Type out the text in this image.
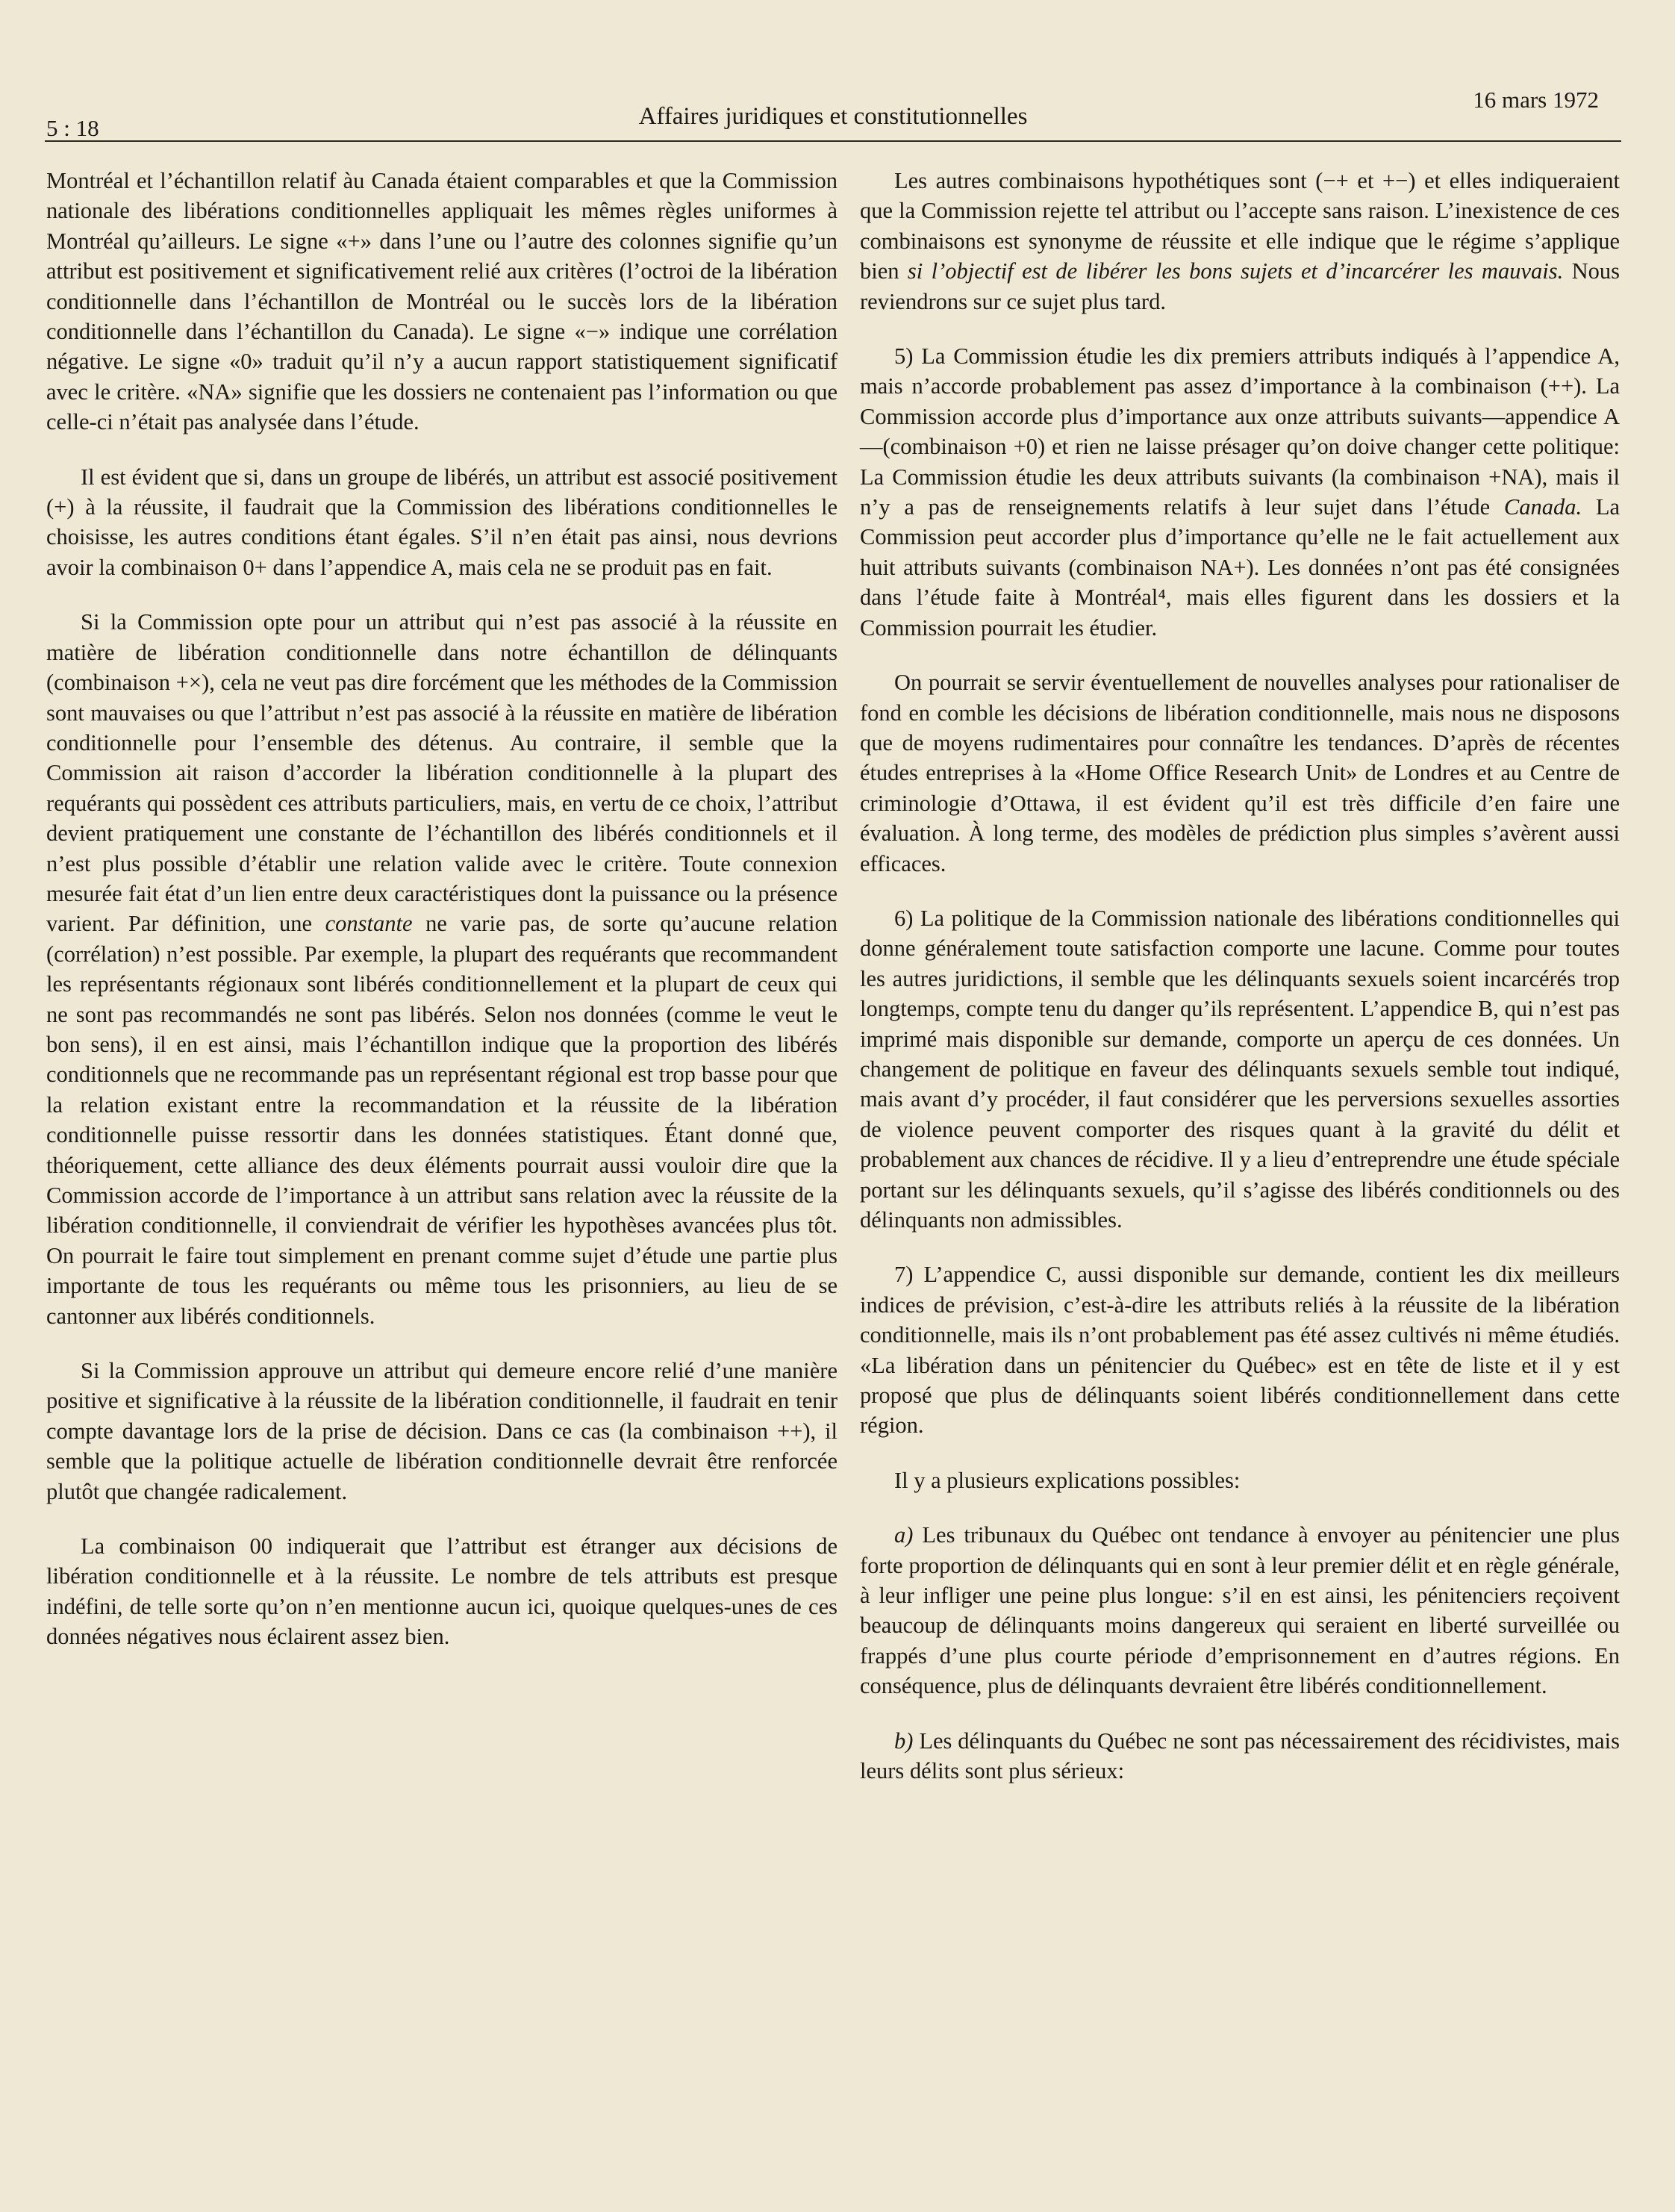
5 : 18	Affaires juridiques et constitutionnelles
16 mars 1972

Montréal et l’échantillon relatif àu Canada étaient comparables et que la Commission nationale des libérations conditionnelles appliquait les mêmes règles uniformes à Montréal qu’ailleurs. Le signe «+» dans l’une ou l’autre des colonnes signifie qu’un attribut est positivement et significativement relié aux critères (l’octroi de la libération conditionnelle dans l’échantillon de Montréal ou le succès lors de la libération conditionnelle dans l’échantillon du Canada). Le signe «−» indique une corrélation négative. Le signe «0» traduit qu’il n’y a aucun rapport statistiquement significatif avec le critère. «NA» signifie que les dossiers ne contenaient pas l’information ou que celle-ci n’était pas analysée dans l’étude.

Il est évident que si, dans un groupe de libérés, un attribut est associé positivement (+) à la réussite, il faudrait que la Commission des libérations conditionnelles le choisisse, les autres conditions étant égales. S’il n’en était pas ainsi, nous devrions avoir la combinaison 0+ dans l’appendice A, mais cela ne se produit pas en fait.

Si la Commission opte pour un attribut qui n’est pas associé à la réussite en matière de libération conditionnelle dans notre échantillon de délinquants (combinaison +×), cela ne veut pas dire forcément que les méthodes de la Commission sont mauvaises ou que l’attribut n’est pas associé à la réussite en matière de libération conditionnelle pour l’ensemble des détenus. Au contraire, il semble que la Commission ait raison d’accorder la libération conditionnelle à la plupart des requérants qui possèdent ces attributs particuliers, mais, en vertu de ce choix, l’attribut devient pratiquement une constante de l’échantillon des libérés conditionnels et il n’est plus possible d’établir une relation valide avec le critère. Toute connexion mesurée fait état d’un lien entre deux caractéristiques dont la puissance ou la présence varient. Par définition, une constante ne varie pas, de sorte qu’aucune relation (corrélation) n’est possible. Par exemple, la plupart des requérants que recommandent les représentants régionaux sont libérés conditionnellement et la plupart de ceux qui ne sont pas recommandés ne sont pas libérés. Selon nos données (comme le veut le bon sens), il en est ainsi, mais l’échantillon indique que la proportion des libérés conditionnels que ne recommande pas un représentant régional est trop basse pour que la relation existant entre la recommandation et la réussite de la libération conditionnelle puisse ressortir dans les données statistiques. Étant donné que, théoriquement, cette alliance des deux éléments pourrait aussi vouloir dire que la Commission accorde de l’importance à un attribut sans relation avec la réussite de la libération conditionnelle, il conviendrait de vérifier les hypothèses avancées plus tôt. On pourrait le faire tout simplement en prenant comme sujet d’étude une partie plus importante de tous les requérants ou même tous les prisonniers, au lieu de se cantonner aux libérés conditionnels.

Si la Commission approuve un attribut qui demeure encore relié d’une manière positive et significative à la réussite de la libération conditionnelle, il faudrait en tenir compte davantage lors de la prise de décision. Dans ce cas (la combinaison ++), il semble que la politique actuelle de libération conditionnelle devrait être renforcée plutôt que changée radicalement.

La combinaison 00 indiquerait que l’attribut est étranger aux décisions de libération conditionnelle et à la réussite. Le nombre de tels attributs est presque indéfini, de telle sorte qu’on n’en mentionne aucun ici, quoique quelques-unes de ces données négatives nous éclairent assez bien.

Les autres combinaisons hypothétiques sont (−+ et +−) et elles indiqueraient que la Commission rejette tel attribut ou l’accepte sans raison. L’inexistence de ces combinaisons est synonyme de réussite et elle indique que le régime s’applique bien si l’objectif est de libérer les bons sujets et d’incarcérer les mauvais. Nous reviendrons sur ce sujet plus tard.

5) La Commission étudie les dix premiers attributs indiqués à l’appendice A, mais n’accorde probablement pas assez d’importance à la combinaison (++). La Commission accorde plus d’importance aux onze attributs suivants—appendice A—(combinaison +0) et rien ne laisse présager qu’on doive changer cette politique: La Commission étudie les deux attributs suivants (la combinaison +NA), mais il n’y a pas de renseignements relatifs à leur sujet dans l’étude Canada. La Commission peut accorder plus d’importance qu’elle ne le fait actuellement aux huit attributs suivants (combinaison NA+). Les données n’ont pas été consignées dans l’étude faite à Montréal⁴, mais elles figurent dans les dossiers et la Commission pourrait les étudier.

On pourrait se servir éventuellement de nouvelles analyses pour rationaliser de fond en comble les décisions de libération conditionnelle, mais nous ne disposons que de moyens rudimentaires pour connaître les tendances. D’après de récentes études entreprises à la «Home Office Research Unit» de Londres et au Centre de criminologie d’Ottawa, il est évident qu’il est très difficile d’en faire une évaluation. À long terme, des modèles de prédiction plus simples s’avèrent aussi efficaces.

6) La politique de la Commission nationale des libérations conditionnelles qui donne généralement toute satisfaction comporte une lacune. Comme pour toutes les autres juridictions, il semble que les délinquants sexuels soient incarcérés trop longtemps, compte tenu du danger qu’ils représentent. L’appendice B, qui n’est pas imprimé mais disponible sur demande, comporte un aperçu de ces données. Un changement de politique en faveur des délinquants sexuels semble tout indiqué, mais avant d’y procéder, il faut considérer que les perversions sexuelles assorties de violence peuvent comporter des risques quant à la gravité du délit et probablement aux chances de récidive. Il y a lieu d’entreprendre une étude spéciale portant sur les délinquants sexuels, qu’il s’agisse des libérés conditionnels ou des délinquants non admissibles.

7) L’appendice C, aussi disponible sur demande, contient les dix meilleurs indices de prévision, c’est-à-dire les attributs reliés à la réussite de la libération conditionnelle, mais ils n’ont probablement pas été assez cultivés ni même étudiés. «La libération dans un pénitencier du Québec» est en tête de liste et il y est proposé que plus de délinquants soient libérés conditionnellement dans cette région.

Il y a plusieurs explications possibles:

a) Les tribunaux du Québec ont tendance à envoyer au pénitencier une plus forte proportion de délinquants qui en sont à leur premier délit et en règle générale, à leur infliger une peine plus longue: s’il en est ainsi, les pénitenciers reçoivent beaucoup de délinquants moins dangereux qui seraient en liberté surveillée ou frappés d’une plus courte période d’emprisonnement en d’autres régions. En conséquence, plus de délinquants devraient être libérés conditionnellement.

b) Les délinquants du Québec ne sont pas nécessairement des récidivistes, mais leurs délits sont plus sérieux:
